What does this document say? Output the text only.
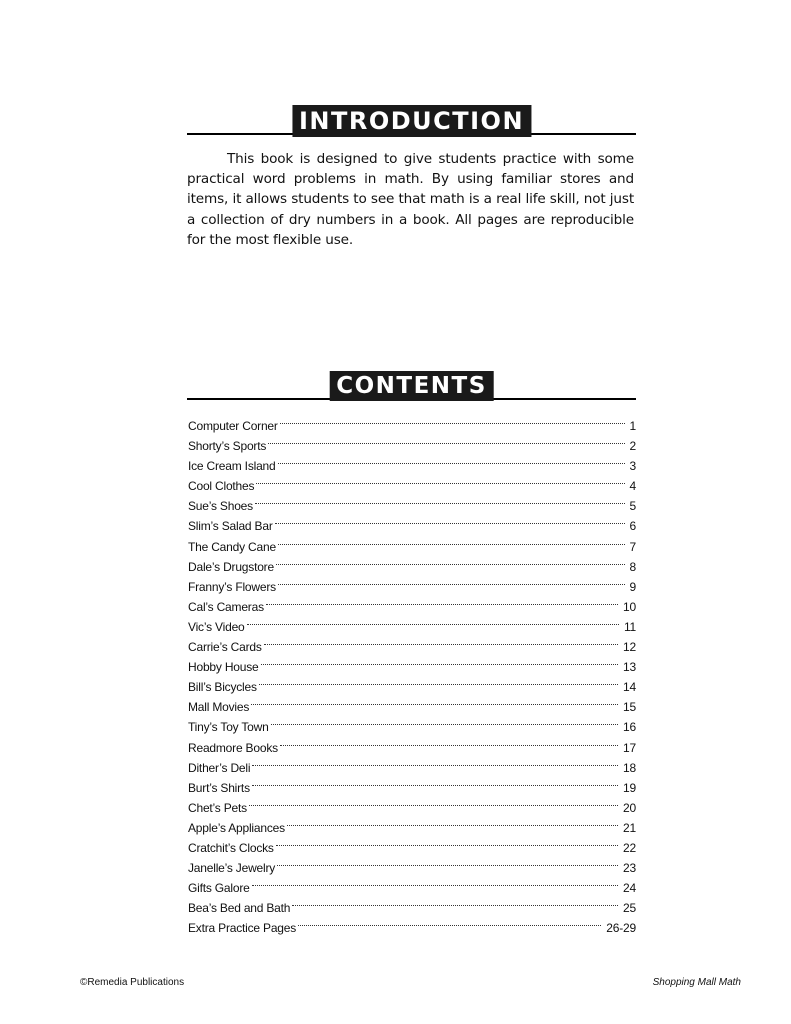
INTRODUCTION

This book is designed to give students practice with some practical word problems in math. By using familiar stores and items, it allows students to see that math is a real life skill, not just a collection of dry numbers in a book. All pages are reproducible for the most flexible use.

CONTENTS
Computer Corner	1
Shorty’s Sports	2
Ice Cream Island	3
Cool Clothes	4
Sue’s Shoes	5
Slim’s Salad Bar	6
The Candy Cane	7
Dale’s Drugstore	8
Franny’s Flowers	9
Cal’s Cameras	10
Vic’s Video	11
Carrie’s Cards	12
Hobby House	13
Bill’s Bicycles	14
Mall Movies	15
Tiny’s Toy Town	16
Readmore Books	17
Dither’s Deli	18
Burt’s Shirts	19
Chet’s Pets	20
Apple’s Appliances	21
Cratchit’s Clocks	22
Janelle’s Jewelry	23
Gifts Galore	24
Bea’s Bed and Bath	25
Extra Practice Pages	26-29
©Remedia Publications	Shopping Mall Math
